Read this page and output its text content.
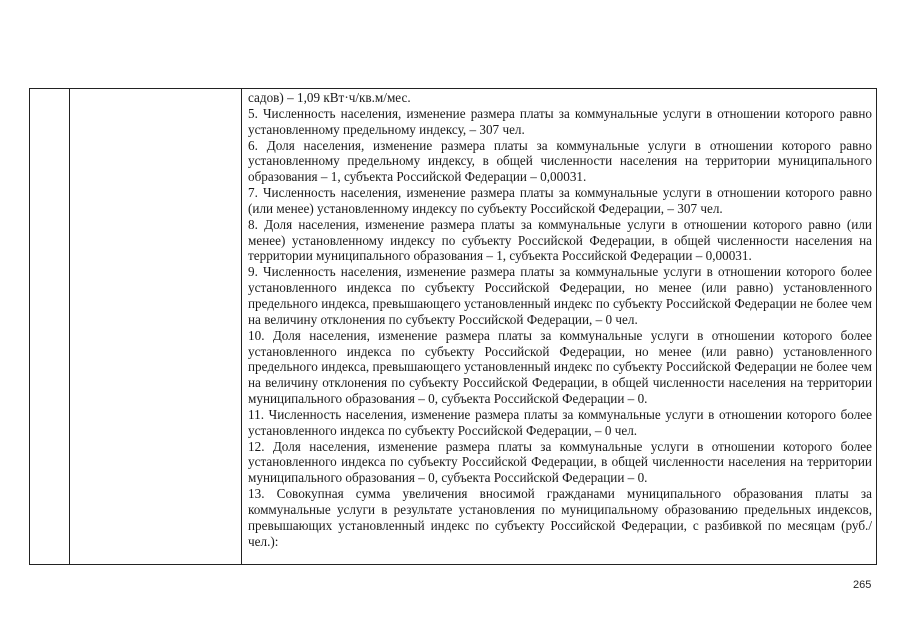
садов) – 1,09 кВт·ч/кв.м/мес.

5. Численность населения, изменение размера платы за коммунальные услуги в отношении которого равно установленному предельному индексу, – 307 чел.

6. Доля населения, изменение размера платы за коммунальные услуги в отношении которого равно установленному предельному индексу, в общей численности населения на территории муниципального образования – 1, субъекта Российской Федерации – 0,00031.

7. Численность населения, изменение размера платы за коммунальные услуги в отношении которого равно (или менее) установленному индексу по субъекту Российской Федерации, – 307 чел.

8. Доля населения, изменение размера платы за коммунальные услуги в отношении которого равно (или менее) установленному индексу по субъекту Российской Федерации, в общей численности населения на территории муниципального образования – 1, субъекта Российской Федерации – 0,00031.

9. Численность населения, изменение размера платы за коммунальные услуги в отношении которого более установленного индекса по субъекту Российской Федерации, но менее (или равно) установленного предельного индекса, превышающего установленный индекс по субъекту Российской Федерации не более чем на величину отклонения по субъекту Российской Федерации, – 0 чел.

10. Доля населения, изменение размера платы за коммунальные услуги в отношении которого более установленного индекса по субъекту Российской Федерации, но менее (или равно) установленного предельного индекса, превышающего установленный индекс по субъекту Российской Федерации не более чем на величину отклонения по субъекту Российской Федерации, в общей численности населения на территории муниципального образования – 0, субъекта Российской Федерации – 0.

11. Численность населения, изменение размера платы за коммунальные услуги в отношении которого более установленного индекса по субъекту Российской Федерации, – 0 чел.

12. Доля населения, изменение размера платы за коммунальные услуги в отношении которого более установленного индекса по субъекту Российской Федерации, в общей численности населения на территории муниципального образования – 0, субъекта Российской Федерации – 0.

13. Совокупная сумма увеличения вносимой гражданами муниципального образования платы за коммунальные услуги в результате установления по муниципальному образованию предельных индексов, превышающих установленный индекс по субъекту Российской Федерации, с разбивкой по месяцам (руб./чел.):

265
